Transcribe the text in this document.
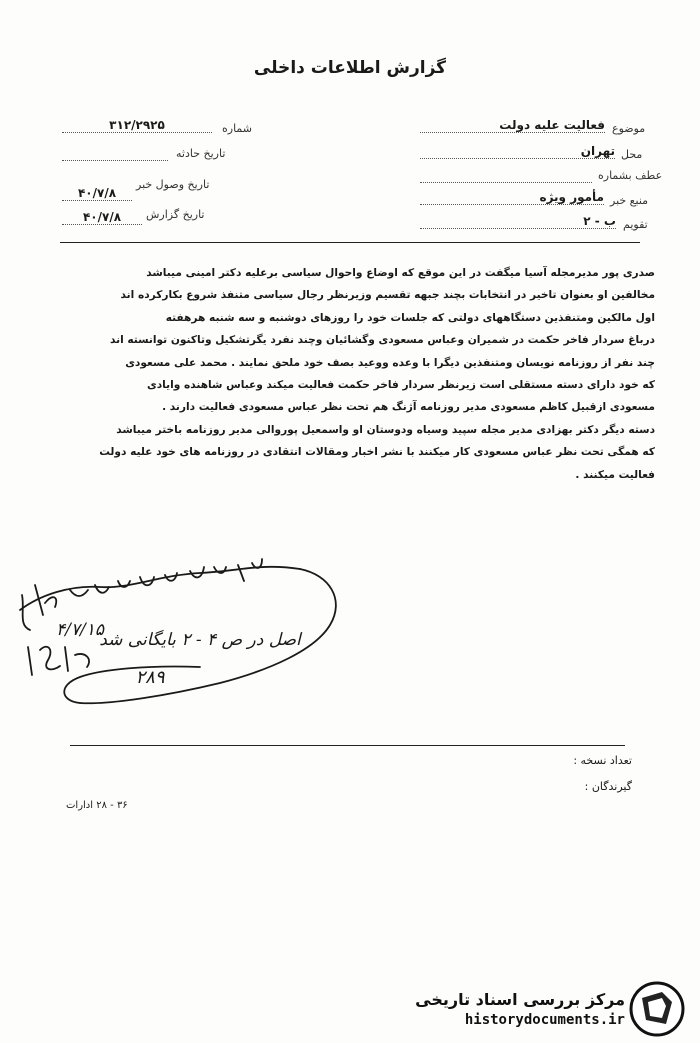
گزارش اطلاعات داخلی
شماره
۳۱۲/۲۹۲۵
تاریخ حادثه
تاریخ وصول خبر
۴۰/۷/۸
تاریخ گزارش
۴۰/۷/۸
موضوع
فعالیت علیه دولت
محل
تهران
عطف بشماره
منبع خبر
مأمور ویژه
تقویم
ب - ۲

صدری پور مدیرمجله آسیا میگفت در این موقع که اوضاع واحوال سیاسی برعلیه دکتر امینی میباشد

مخالفین او بعنوان تاخیر در انتخابات بچند جبهه تقسیم وزیرنظر رجال سیاسی متنفذ شروع بکارکرده اند

اول مالکین ومتنفذین دستگاههای دولتی که جلسات خود را روزهای دوشنبه و سه شنبه هرهفته

درباغ سردار فاخر حکمت در شمیران وعباس مسعودی وگشائیان وچند نفرد یگرتشکیل وتاکنون توانسته اند

چند نفر از روزنامه نویسان ومتنفذین دیگرا با وعده ووعید بصف خود ملحق نمایند . محمد علی مسعودی

که خود دارای دسته مستقلی است زیرنظر سردار فاخر حکمت فعالیت میکند وعباس شاهنده وایادی

مسعودی ازقبیل کاظم مسعودی مدیر روزنامه آژنگ هم تحت نظر عباس مسعودی فعالیت دارند .

دسته دیگر دکتر بهزادی مدیر مجله سپید وسیاه ودوستان او واسمعیل پوروالی مدیر روزنامه باختر میباشد

که همگی تحت نظر عباس مسعودی کار میکنند با نشر اخبار ومقالات انتقادی در روزنامه های خود علیه دولت

فعالیت میکنند .

اصل در ص ۴ - ۲ بایگانی شد
۴/۷/۱۵
۲۸۹
تعداد نسخه :
گیرندگان :
۳۶ - ۲۸ ادارات
مرکز بررسی اسناد تاریخی
historydocuments.ir
